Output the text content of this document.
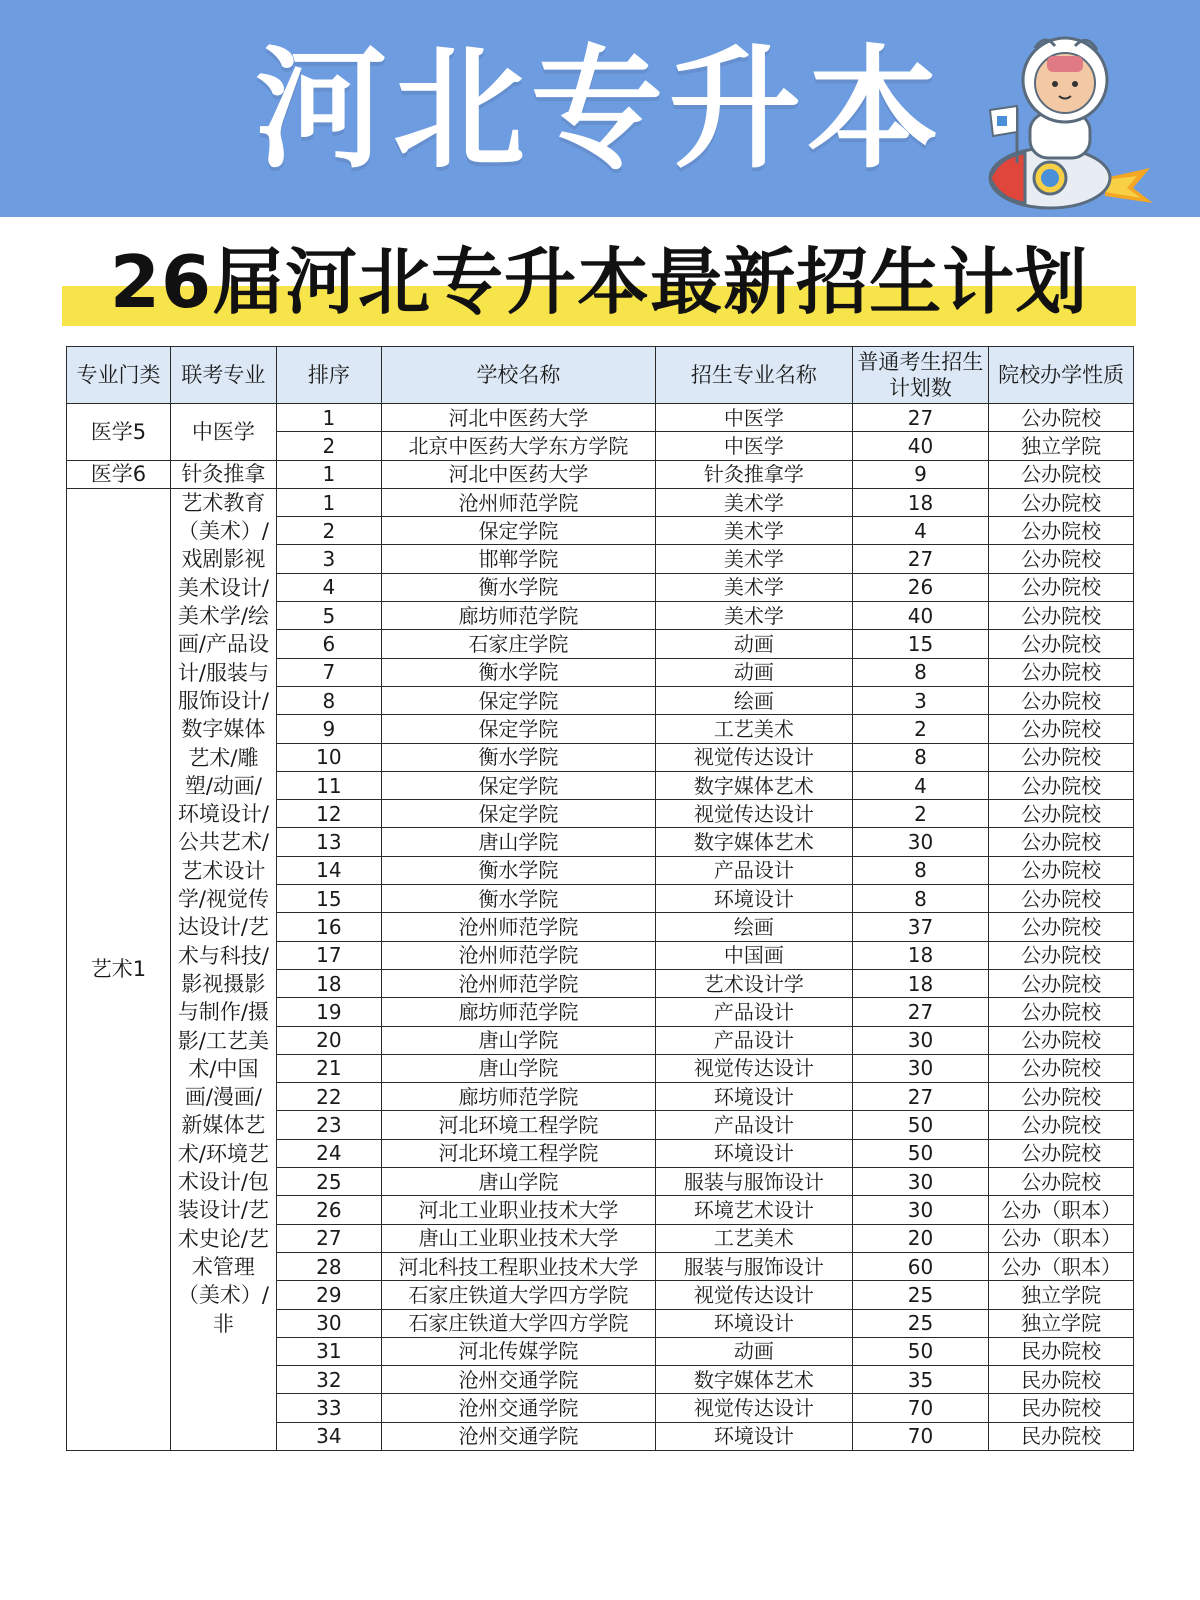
河北专升本
26届河北专升本最新招生计划
专业门类	联考专业	排序	学校名称	招生专业名称	普通考生招生计划数	院校办学性质
医学5	中医学	1	河北中医药大学	中医学	27	公办院校
		2	北京中医药大学东方学院	中医学	40	独立学院
医学6	针灸推拿	1	河北中医药大学	针灸推拿学	9	公办院校
艺术1	艺术教育（美术）/戏剧影视美术设计/美术学/绘画/产品设计/服装与服饰设计/数字媒体艺术/雕塑/动画/环境设计/公共艺术/艺术设计学/视觉传达设计/艺术与科技/影视摄影与制作/摄影/工艺美术/中国画/漫画/新媒体艺术/环境艺术设计/包装设计/艺术史论/艺术管理（美术）/非	1	沧州师范学院	美术学	18	公办院校
		2	保定学院	美术学	4	公办院校
		3	邯郸学院	美术学	27	公办院校
		4	衡水学院	美术学	26	公办院校
		5	廊坊师范学院	美术学	40	公办院校
		6	石家庄学院	动画	15	公办院校
		7	衡水学院	动画	8	公办院校
		8	保定学院	绘画	3	公办院校
		9	保定学院	工艺美术	2	公办院校
		10	衡水学院	视觉传达设计	8	公办院校
		11	保定学院	数字媒体艺术	4	公办院校
		12	保定学院	视觉传达设计	2	公办院校
		13	唐山学院	数字媒体艺术	30	公办院校
		14	衡水学院	产品设计	8	公办院校
		15	衡水学院	环境设计	8	公办院校
		16	沧州师范学院	绘画	37	公办院校
		17	沧州师范学院	中国画	18	公办院校
		18	沧州师范学院	艺术设计学	18	公办院校
		19	廊坊师范学院	产品设计	27	公办院校
		20	唐山学院	产品设计	30	公办院校
		21	唐山学院	视觉传达设计	30	公办院校
		22	廊坊师范学院	环境设计	27	公办院校
		23	河北环境工程学院	产品设计	50	公办院校
		24	河北环境工程学院	环境设计	50	公办院校
		25	唐山学院	服装与服饰设计	30	公办院校
		26	河北工业职业技术大学	环境艺术设计	30	公办（职本）
		27	唐山工业职业技术大学	工艺美术	20	公办（职本）
		28	河北科技工程职业技术大学	服装与服饰设计	60	公办（职本）
		29	石家庄铁道大学四方学院	视觉传达设计	25	独立学院
		30	石家庄铁道大学四方学院	环境设计	25	独立学院
		31	河北传媒学院	动画	50	民办院校
		32	沧州交通学院	数字媒体艺术	35	民办院校
		33	沧州交通学院	视觉传达设计	70	民办院校
		34	沧州交通学院	环境设计	70	民办院校
